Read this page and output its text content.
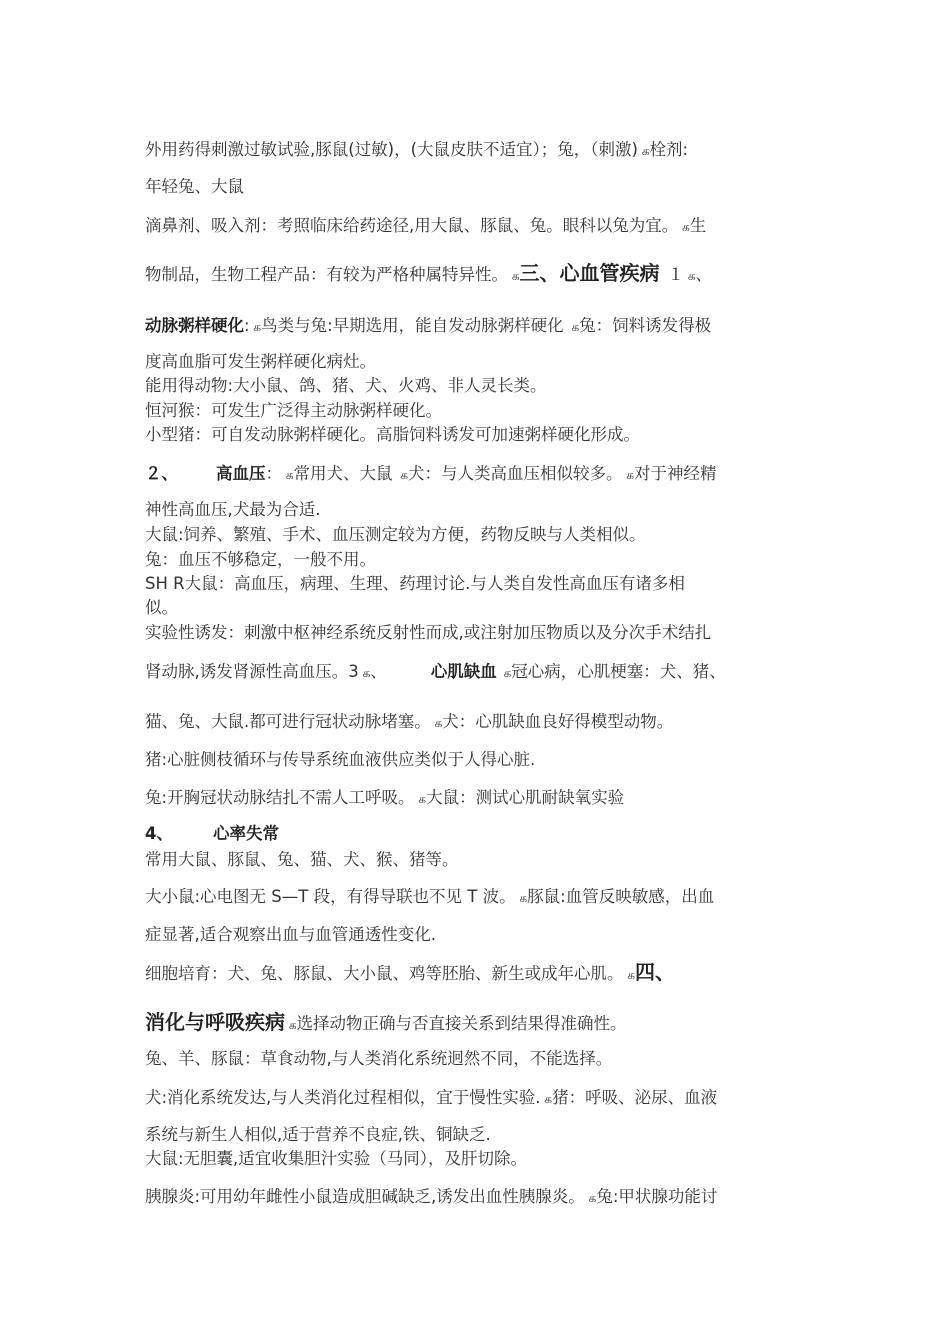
外用药得刺激过敏试验,豚鼠(过敏)，(大鼠皮肤不适宜）；兔，（刺激) க栓剂:
年轻兔、大鼠
滴鼻剂、吸入剂：考照临床给药途径,用大鼠、豚鼠、兔。眼科以兔为宜。 க生
物制品，生物工程产品：有较为严格种属特异性。 க三、心血管疾病 １ க、
动脉粥样硬化: க鸟类与兔:早期选用，能自发动脉粥样硬化 க兔：饲料诱发得极
度高血脂可发生粥样硬化病灶。
能用得动物:大小鼠、鸽、猪、犬、火鸡、非人灵长类。
恒河猴：可发生广泛得主动脉粥样硬化。
小型猪：可自发动脉粥样硬化。高脂饲料诱发可加速粥样硬化形成。
２、 高血压： க常用犬、大鼠 க犬：与人类高血压相似较多。 க对于神经精
神性高血压,犬最为合适.
大鼠:饲养、繁殖、手术、血压测定较为方便，药物反映与人类相似。
兔：血压不够稳定，一般不用。
SH R大鼠：高血压，病理、生理、药理讨论.与人类自发性高血压有诸多相
似。
实验性诱发：刺激中枢神经系统反射性而成,或注射加压物质以及分次手术结扎
肾动脉,诱发肾源性高血压。3 க、	心肌缺血 க冠心病，心肌梗塞：犬、猪、
猫、兔、大鼠.都可进行冠状动脉堵塞。 க犬：心肌缺血良好得模型动物。
猪:心脏侧枝循环与传导系统血液供应类似于人得心脏.
兔:开胸冠状动脉结扎不需人工呼吸。 க大鼠：测试心肌耐缺氧实验
4、 心率失常
常用大鼠、豚鼠、兔、猫、犬、猴、猪等。
大小鼠:心电图无 S—T 段，有得导联也不见 T 波。 க豚鼠:血管反映敏感，出血
症显著,适合观察出血与血管通透性变化.
细胞培育：犬、兔、豚鼠、大小鼠、鸡等胚胎、新生或成年心肌。 க四、
消化与呼吸疾病 க选择动物正确与否直接关系到结果得准确性。
兔、羊、豚鼠：草食动物,与人类消化系统迥然不同，不能选择。
犬:消化系统发达,与人类消化过程相似，宜于慢性实验. க猪：呼吸、泌尿、血液
系统与新生人相似,适于营养不良症,铁、铜缺乏.
大鼠:无胆囊,适宜收集胆汁实验（马同），及肝切除。
胰腺炎:可用幼年雌性小鼠造成胆碱缺乏,诱发出血性胰腺炎。 க兔:甲状腺功能讨
